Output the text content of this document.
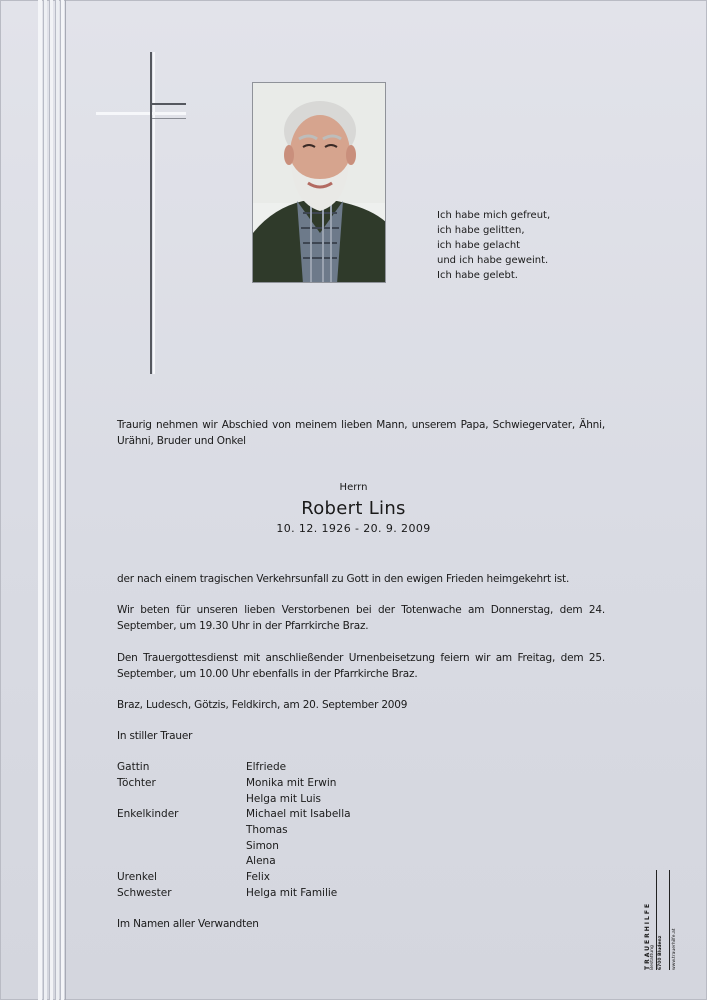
Ich habe mich gefreut,
ich habe gelitten,
ich habe gelacht
und ich habe geweint.
Ich habe gelebt.
Traurig nehmen wir Abschied von meinem lieben Mann, unserem Papa, Schwiegervater, Ähni, Urähni, Bruder und Onkel
Herrn
Robert Lins
10. 12. 1926 - 20. 9. 2009
der nach einem tragischen Verkehrsunfall zu Gott in den ewigen Frieden heimgekehrt ist.
Wir beten für unseren lieben Verstorbenen bei der Totenwache am Donnerstag, dem 24. September, um 19.30 Uhr in der Pfarrkirche Braz.
Den Trauergottesdienst mit anschließender Urnenbeisetzung feiern wir am Freitag, dem 25. September, um 10.00 Uhr ebenfalls in der Pfarrkirche Braz.
Braz, Ludesch, Götzis, Feldkirch, am 20. September 2009
In stiller Trauer
Gattin	Elfriede
Töchter	Monika mit Erwin
Helga mit Luis
Enkelkinder	Michael mit Isabella
Thomas
Simon
Alena
Urenkel	Felix
Schwester	Helga mit Familie
Im Namen aller Verwandten	TRAUERHILFE Bestattung 6700 Bludenz www.trauerhilfe.at
